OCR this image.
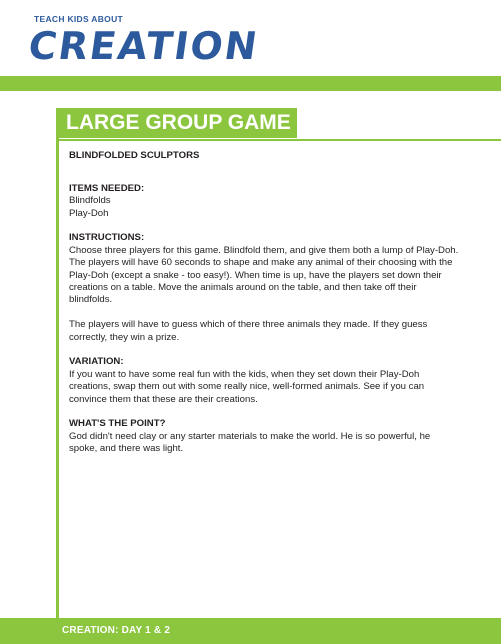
TEACH KIDS ABOUT
CREATION
LARGE GROUP GAME
BLINDFOLDED SCULPTORS
ITEMS NEEDED:
Blindfolds
Play-Doh
INSTRUCTIONS:
Choose three players for this game. Blindfold them, and give them both a lump of Play-Doh. The players will have 60 seconds to shape and make any animal of their choosing with the Play-Doh (except a snake - too easy!). When time is up, have the players set down their creations on a table. Move the animals around on the table, and then take off their blindfolds.
The players will have to guess which of there three animals they made. If they guess correctly, they win a prize.
VARIATION:
If you want to have some real fun with the kids, when they set down their Play-Doh creations, swap them out with some really nice, well-formed animals. See if you can convince them that these are their creations.
WHAT'S THE POINT?
God didn't need clay or any starter materials to make the world. He is so powerful, he spoke, and there was light.
CREATION: DAY 1 & 2
